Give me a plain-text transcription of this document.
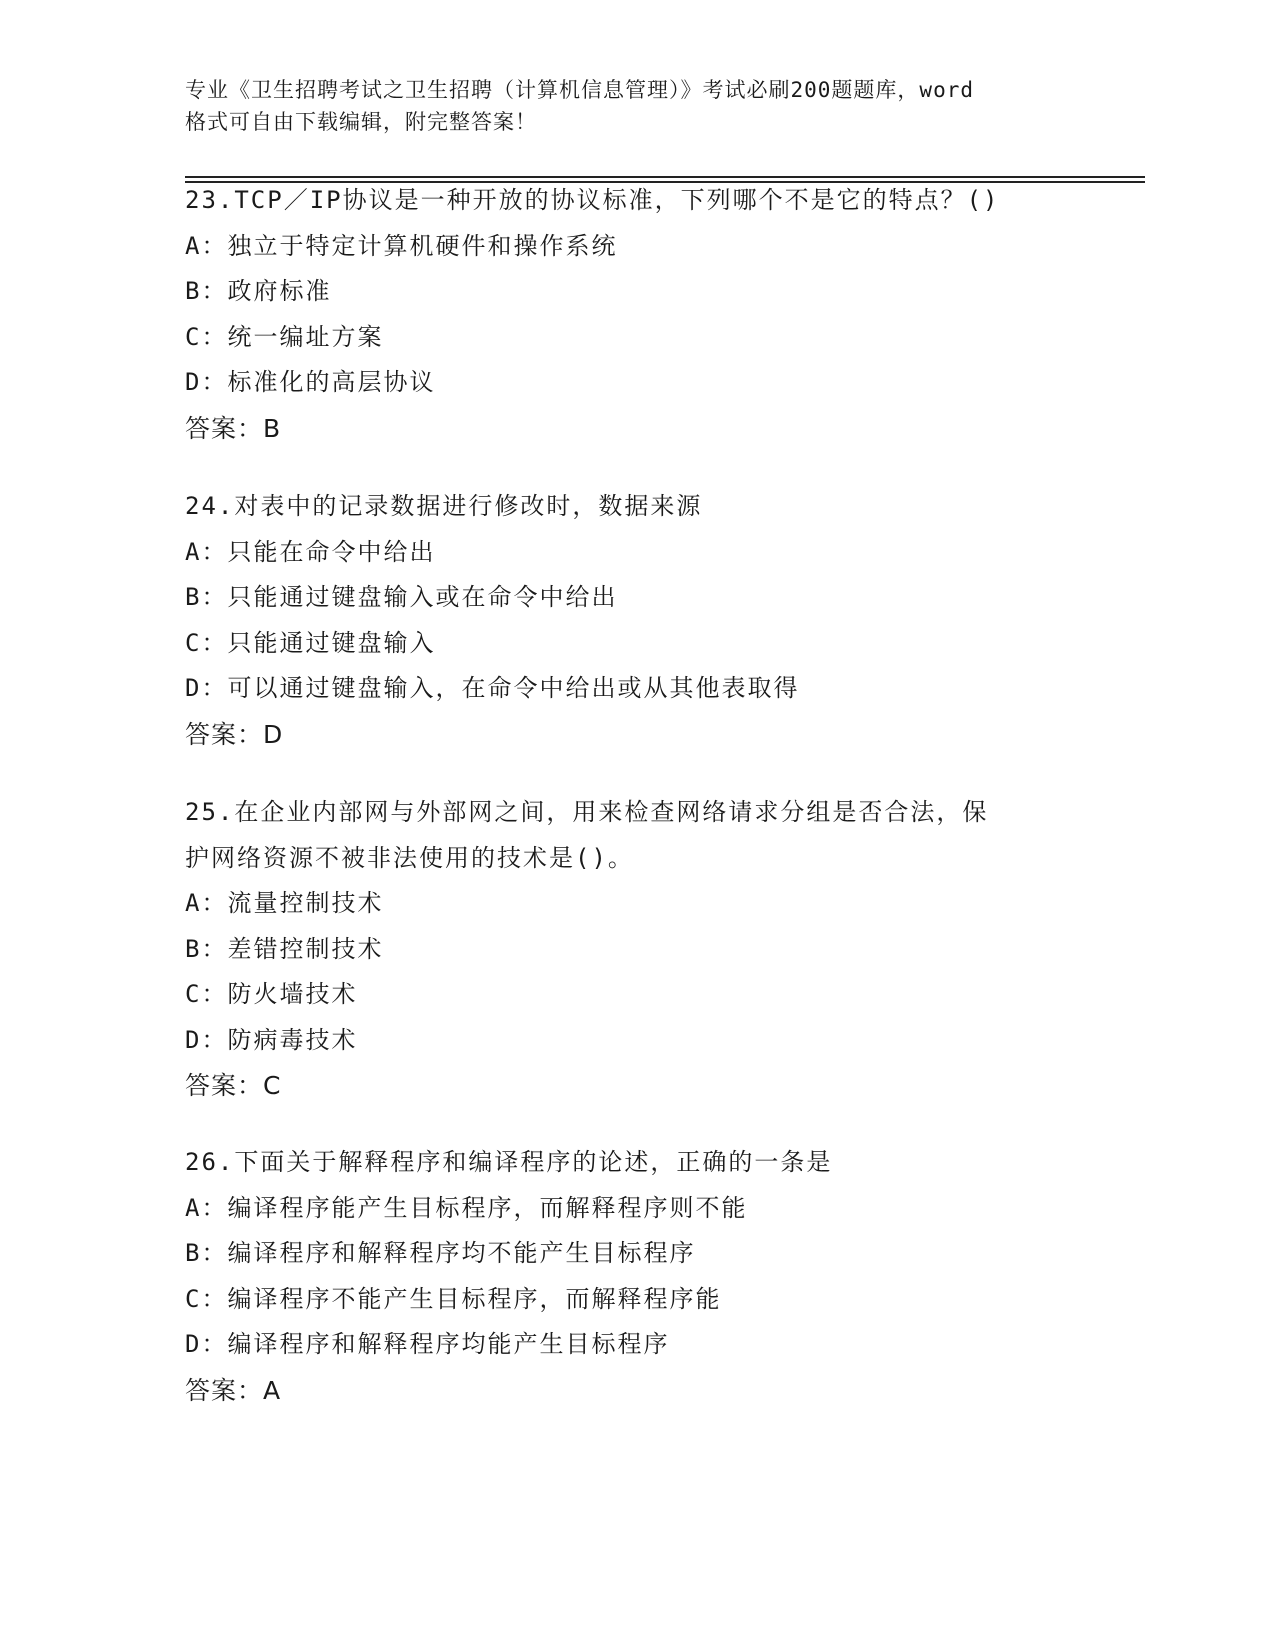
专业《卫生招聘考试之卫生招聘（计算机信息管理）》考试必刷200题题库，word
格式可自由下载编辑，附完整答案！
23.TCP／IP协议是一种开放的协议标准，下列哪个不是它的特点？()
A：独立于特定计算机硬件和操作系统
B：政府标准
C：统一编址方案
D：标准化的高层协议
答案：B
24.对表中的记录数据进行修改时，数据来源
A：只能在命令中给出
B：只能通过键盘输入或在命令中给出
C：只能通过键盘输入
D：可以通过键盘输入，在命令中给出或从其他表取得
答案：D
25.在企业内部网与外部网之间，用来检查网络请求分组是否合法，保
护网络资源不被非法使用的技术是()。
A：流量控制技术
B：差错控制技术
C：防火墙技术
D：防病毒技术
答案：C
26.下面关于解释程序和编译程序的论述，正确的一条是
A：编译程序能产生目标程序，而解释程序则不能
B：编译程序和解释程序均不能产生目标程序
C：编译程序不能产生目标程序，而解释程序能
D：编译程序和解释程序均能产生目标程序
答案：A
